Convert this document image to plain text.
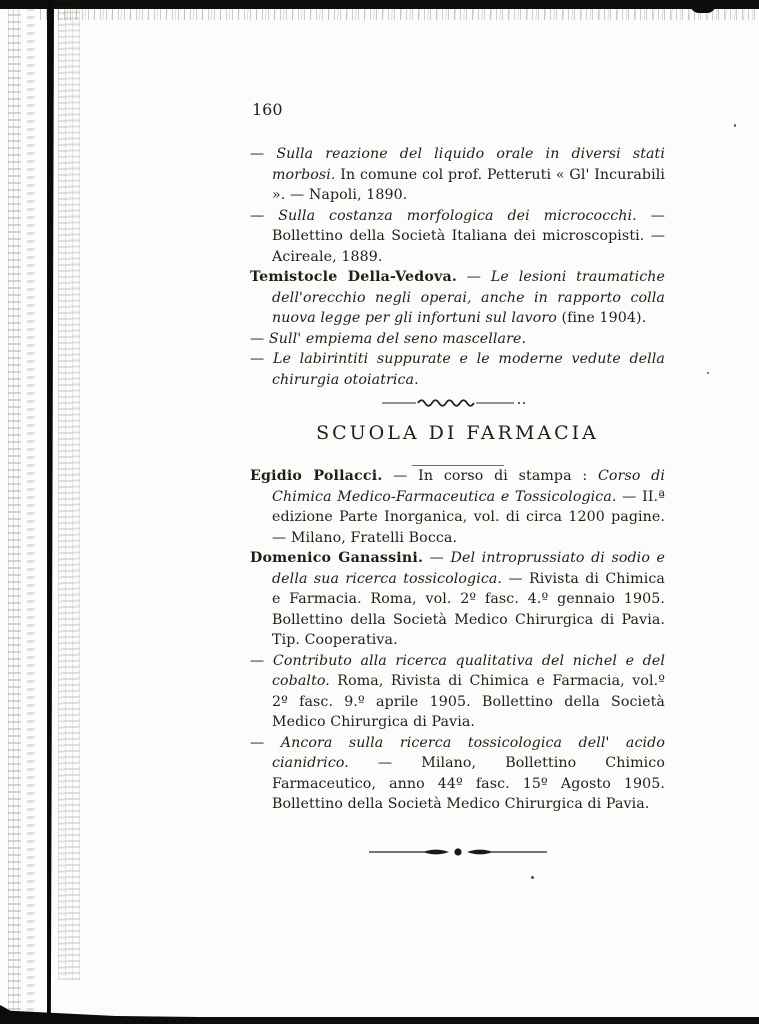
160

— Sulla reazione del liquido orale in diversi stati morbosi. In comune col prof. Petteruti « Gl' Incurabili ». — Napoli, 1890.

— Sulla costanza morfologica dei micrococchi. — Bollettino della Società Italiana dei microscopisti. — Acireale, 1889.

Temistocle Della-Vedova. — Le lesioni traumatiche dell'orecchio negli operai, anche in rapporto colla nuova legge per gli infortuni sul lavoro (fine 1904).

— Sull' empiema del seno mascellare.

— Le labirintiti suppurate e le moderne vedute della chirurgia otoiatrica.

SCUOLA DI FARMACIA

Egidio Pollacci. — In corso di stampa : Corso di Chimica Medico-Farmaceutica e Tossicologica. — II.ª edizione Parte Inorganica, vol. di circa 1200 pagine. — Milano, Fratelli Bocca.

Domenico Ganassini. — Del introprussiato di sodio e della sua ricerca tossicologica. — Rivista di Chimica e Farmacia. Roma, vol. 2º fasc. 4.º gennaio 1905. Bollettino della Società Medico Chirurgica di Pavia. Tip. Cooperativa.

— Contributo alla ricerca qualitativa del nichel e del cobalto. Roma, Rivista di Chimica e Farmacia, vol.º 2º fasc. 9.º aprile 1905. Bollettino della Società Medico Chirurgica di Pavia.

— Ancora sulla ricerca tossicologica dell' acido cianidrico. — Milano, Bollettino Chimico Farmaceutico, anno 44º fasc. 15º Agosto 1905. Bollettino della Società Medico Chirurgica di Pavia.
